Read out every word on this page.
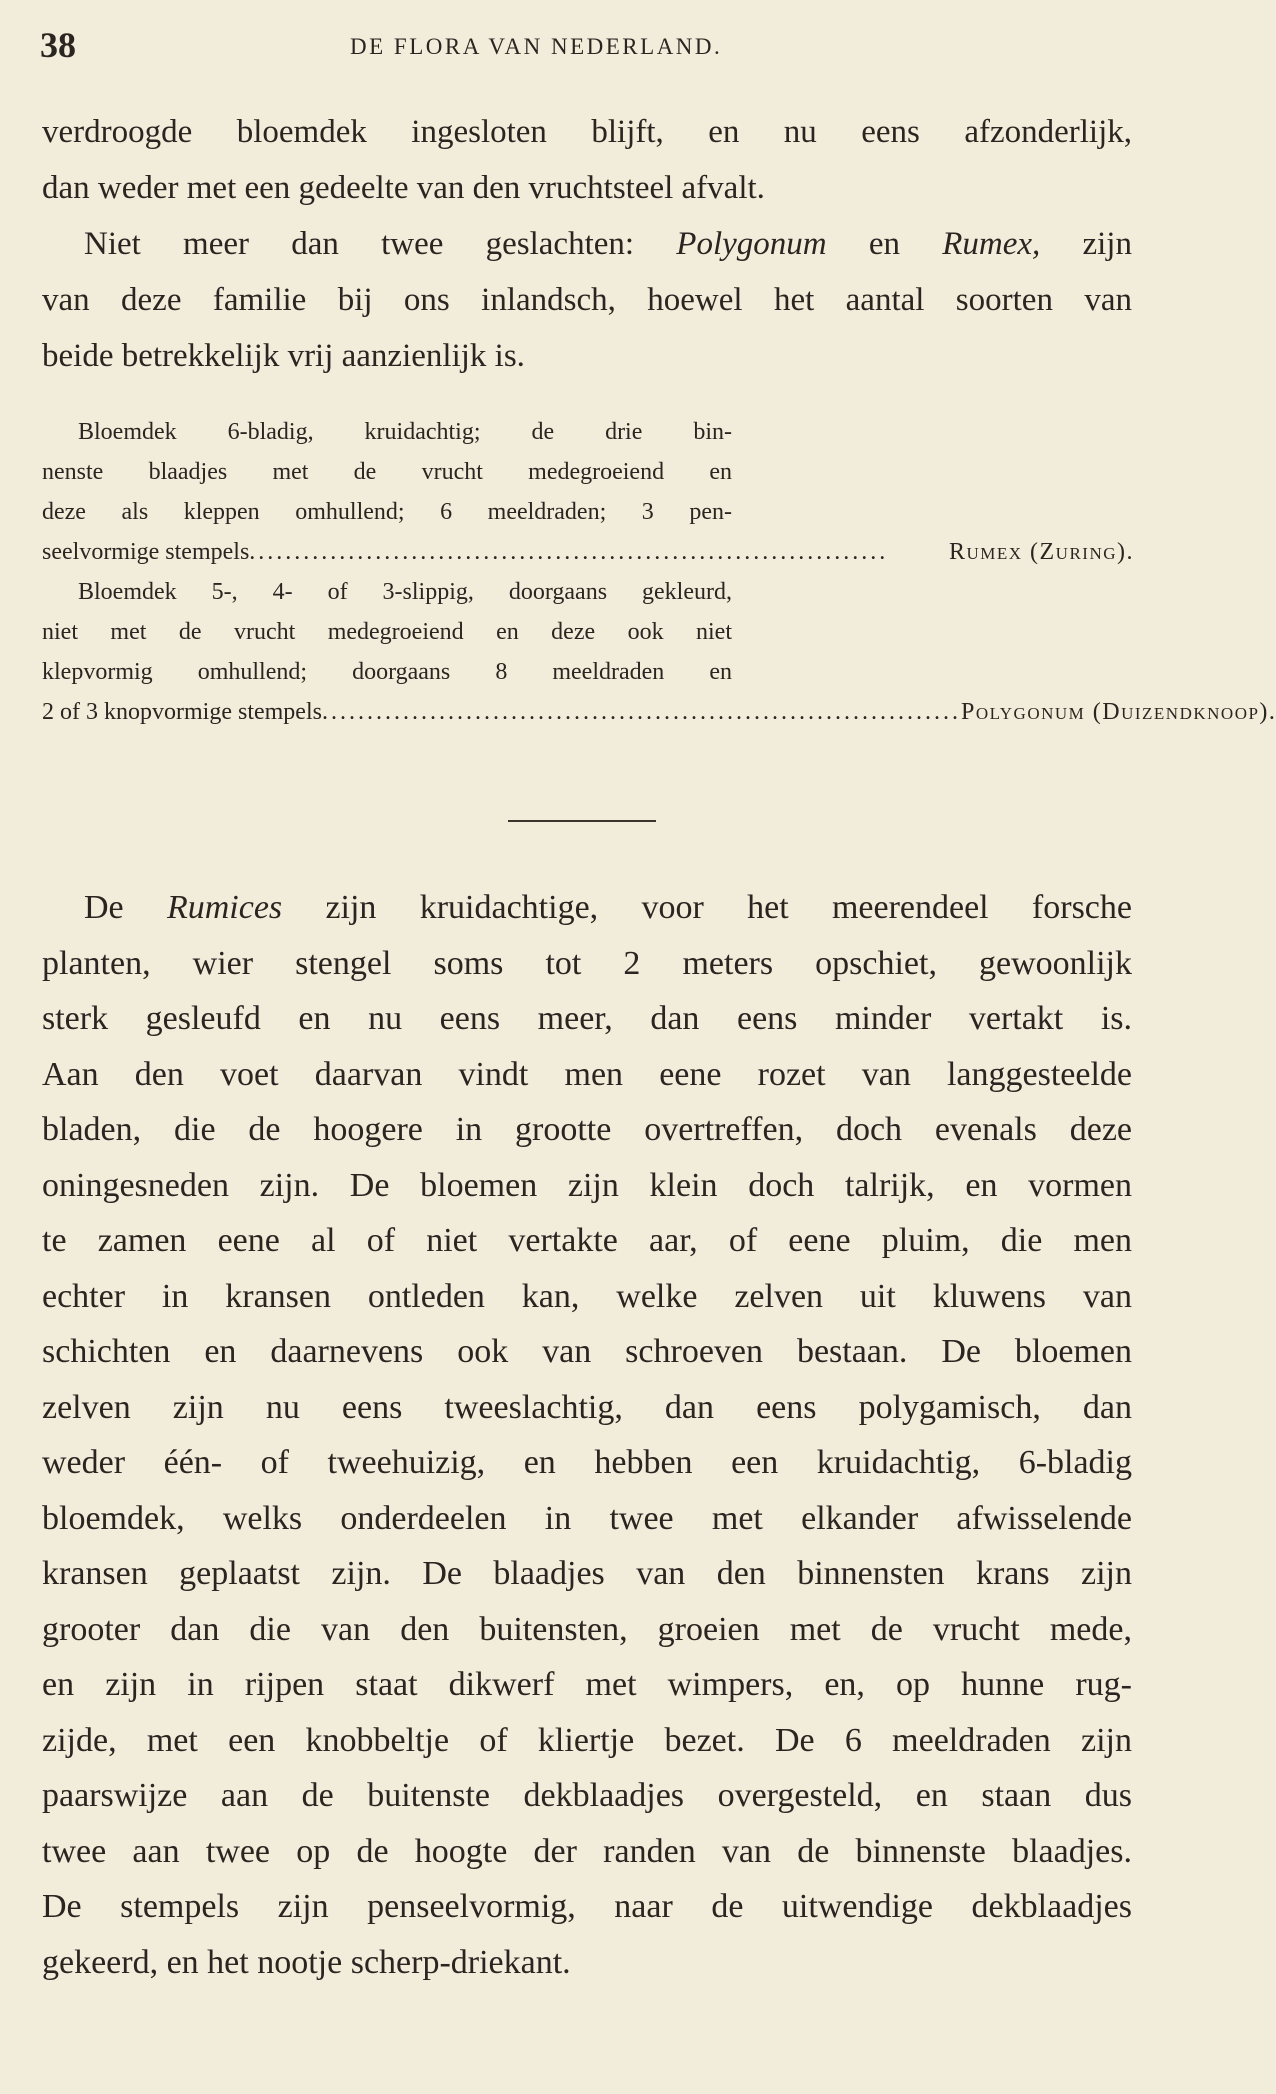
38	DE FLORA VAN NEDERLAND.
verdroogde bloemdek ingesloten blijft, en nu eens afzonderlijk,
dan weder met een gedeelte van den vruchtsteel afvalt.
Niet meer dan twee geslachten: Polygonum en Rumex, zijn
van deze familie bij ons inlandsch, hoewel het aantal soorten van
beide betrekkelijk vrij aanzienlijk is.
Bloemdek 6-bladig, kruidachtig; de drie bin-
nenste blaadjes met de vrucht medegroeiend en
deze als kleppen omhullend; 6 meeldraden; 3 pen-
seelvormige stempels .......................................................................	Rumex (Zuring).
Bloemdek 5-, 4- of 3-slippig, doorgaans gekleurd,
niet met de vrucht medegroeiend en deze ook niet
klepvormig omhullend; doorgaans 8 meeldraden en
2 of 3 knopvormige stempels ....................................................................... Polygonum (Duizendknoop).
De Rumices zijn kruidachtige, voor het meerendeel forsche
planten, wier stengel soms tot 2 meters opschiet, gewoonlijk
sterk gesleufd en nu eens meer, dan eens minder vertakt is.
Aan den voet daarvan vindt men eene rozet van langgesteelde
bladen, die de hoogere in grootte overtreffen, doch evenals deze
oningesneden zijn. De bloemen zijn klein doch talrijk, en vormen
te zamen eene al of niet vertakte aar, of eene pluim, die men
echter in kransen ontleden kan, welke zelven uit kluwens van
schichten en daarnevens ook van schroeven bestaan. De bloemen
zelven zijn nu eens tweeslachtig, dan eens polygamisch, dan
weder één- of tweehuizig, en hebben een kruidachtig, 6-bladig
bloemdek, welks onderdeelen in twee met elkander afwisselende
kransen geplaatst zijn. De blaadjes van den binnensten krans zijn
grooter dan die van den buitensten, groeien met de vrucht mede,
en zijn in rijpen staat dikwerf met wimpers, en, op hunne rug-
zijde, met een knobbeltje of kliertje bezet. De 6 meeldraden zijn
paarswijze aan de buitenste dekblaadjes overgesteld, en staan dus
twee aan twee op de hoogte der randen van de binnenste blaadjes.
De stempels zijn penseelvormig, naar de uitwendige dekblaadjes
gekeerd, en het nootje scherp-driekant.
